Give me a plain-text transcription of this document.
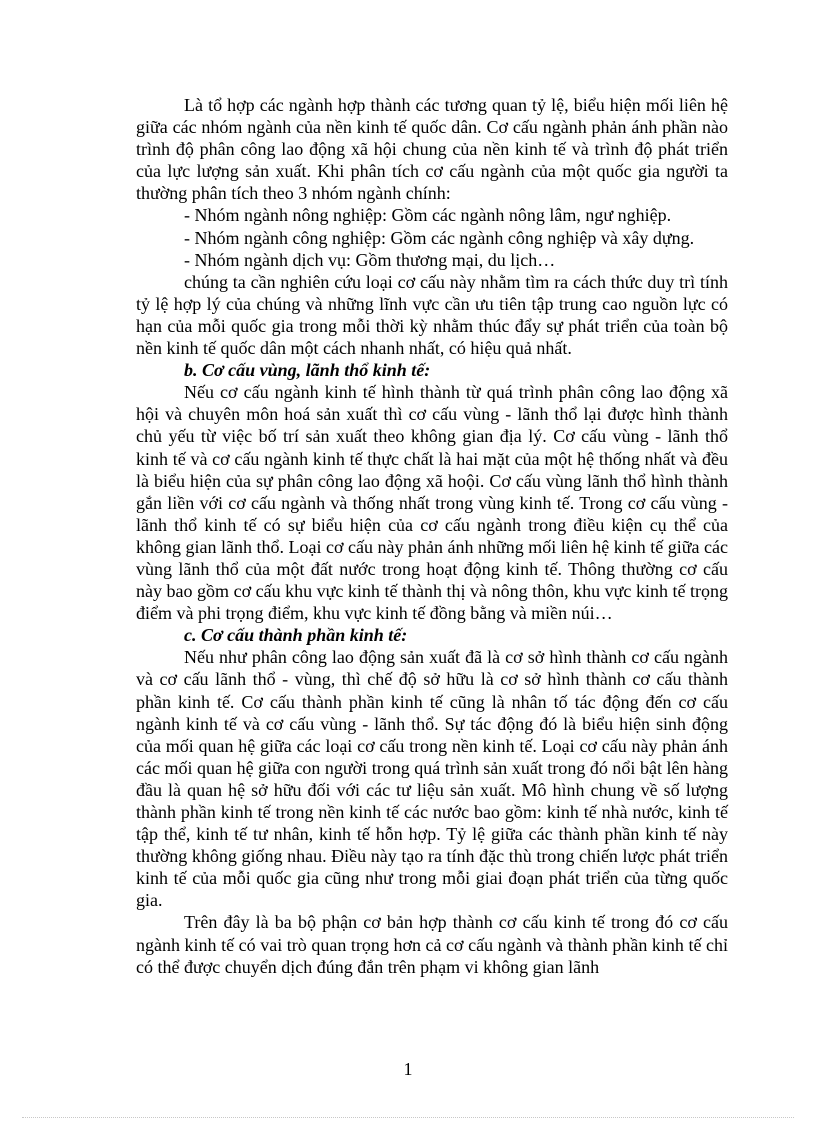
Là tổ hợp các ngành hợp thành các tương quan tỷ lệ, biểu hiện mối liên hệ giữa các nhóm ngành của nền kinh tế quốc dân. Cơ cấu ngành phản ánh phần nào trình độ phân công lao động xã hội chung của nền kinh tế và trình độ phát triển của lực lượng sản xuất. Khi phân tích cơ cấu ngành của một quốc gia người ta thường phân tích theo 3 nhóm ngành chính:

- Nhóm ngành nông nghiệp: Gồm các ngành nông lâm, ngư nghiệp.

- Nhóm ngành công nghiệp: Gồm các ngành công nghiệp và xây dựng.

- Nhóm ngành dịch vụ: Gồm thương mại, du lịch…

chúng ta cần nghiên cứu loại cơ cấu này nhằm tìm ra cách thức duy trì tính tỷ lệ hợp lý của chúng và những lĩnh vực cần ưu tiên tập trung cao nguồn lực có hạn của mỗi quốc gia trong mỗi thời kỳ nhằm thúc đẩy sự phát triển của toàn bộ nền kinh tế quốc dân một cách nhanh nhất, có hiệu quả nhất.

b. Cơ cấu vùng, lãnh thổ kinh tế:

Nếu cơ cấu ngành kinh tế hình thành từ quá trình phân công lao động xã hội và chuyên môn hoá sản xuất thì cơ cấu vùng - lãnh thổ lại được hình thành chủ yếu từ việc bố trí sản xuất theo không gian địa lý. Cơ cấu vùng - lãnh thổ kinh tế và cơ cấu ngành kinh tế thực chất là hai mặt của một hệ thống nhất và đều là biểu hiện của sự phân công lao động xã hoội. Cơ cấu vùng lãnh thổ hình thành gắn liền với cơ cấu ngành và thống nhất trong vùng kinh tế. Trong cơ cấu vùng - lãnh thổ kinh tế có sự biểu hiện của cơ cấu ngành trong điều kiện cụ thể của không gian lãnh thổ. Loại cơ cấu này phản ánh những mối liên hệ kinh tế giữa các vùng lãnh thổ của một đất nước trong hoạt động kinh tế. Thông thường cơ cấu này bao gồm cơ cấu khu vực kinh tế thành thị và nông thôn, khu vực kinh tế trọng điểm và phi trọng điểm, khu vực kinh tế đồng bằng và miền núi…

c. Cơ cấu thành phần kinh tế:

Nếu như phân công lao động sản xuất đã là cơ sở hình thành cơ cấu ngành và cơ cấu lãnh thổ - vùng, thì chế độ sở hữu là cơ sở hình thành cơ cấu thành phần kinh tế. Cơ cấu thành phần kinh tế cũng là nhân tố tác động đến cơ cấu ngành kinh tế và cơ cấu vùng - lãnh thổ. Sự tác động đó là biểu hiện sinh động của mối quan hệ giữa các loại cơ cấu trong nền kinh tế. Loại cơ cấu này phản ánh các mối quan hệ giữa con người trong quá trình sản xuất trong đó nổi bật lên hàng đầu là quan hệ sở hữu đối với các tư liệu sản xuất. Mô hình chung về số lượng thành phần kinh tế trong nền kinh tế các nước bao gồm: kinh tế nhà nước, kinh tế tập thể, kinh tế tư nhân, kinh tế hỗn hợp. Tỷ lệ giữa các thành phần kinh tế này thường không giống nhau. Điều này tạo ra tính đặc thù trong chiến lược phát triển kinh tế của mỗi quốc gia cũng như trong mỗi giai đoạn phát triển của từng quốc gia.

Trên đây là ba bộ phận cơ bản hợp thành cơ cấu kinh tế trong đó cơ cấu ngành kinh tế có vai trò quan trọng hơn cả cơ cấu ngành và thành phần kinh tế chỉ có thể được chuyển dịch đúng đắn trên phạm vi không gian lãnh

1
